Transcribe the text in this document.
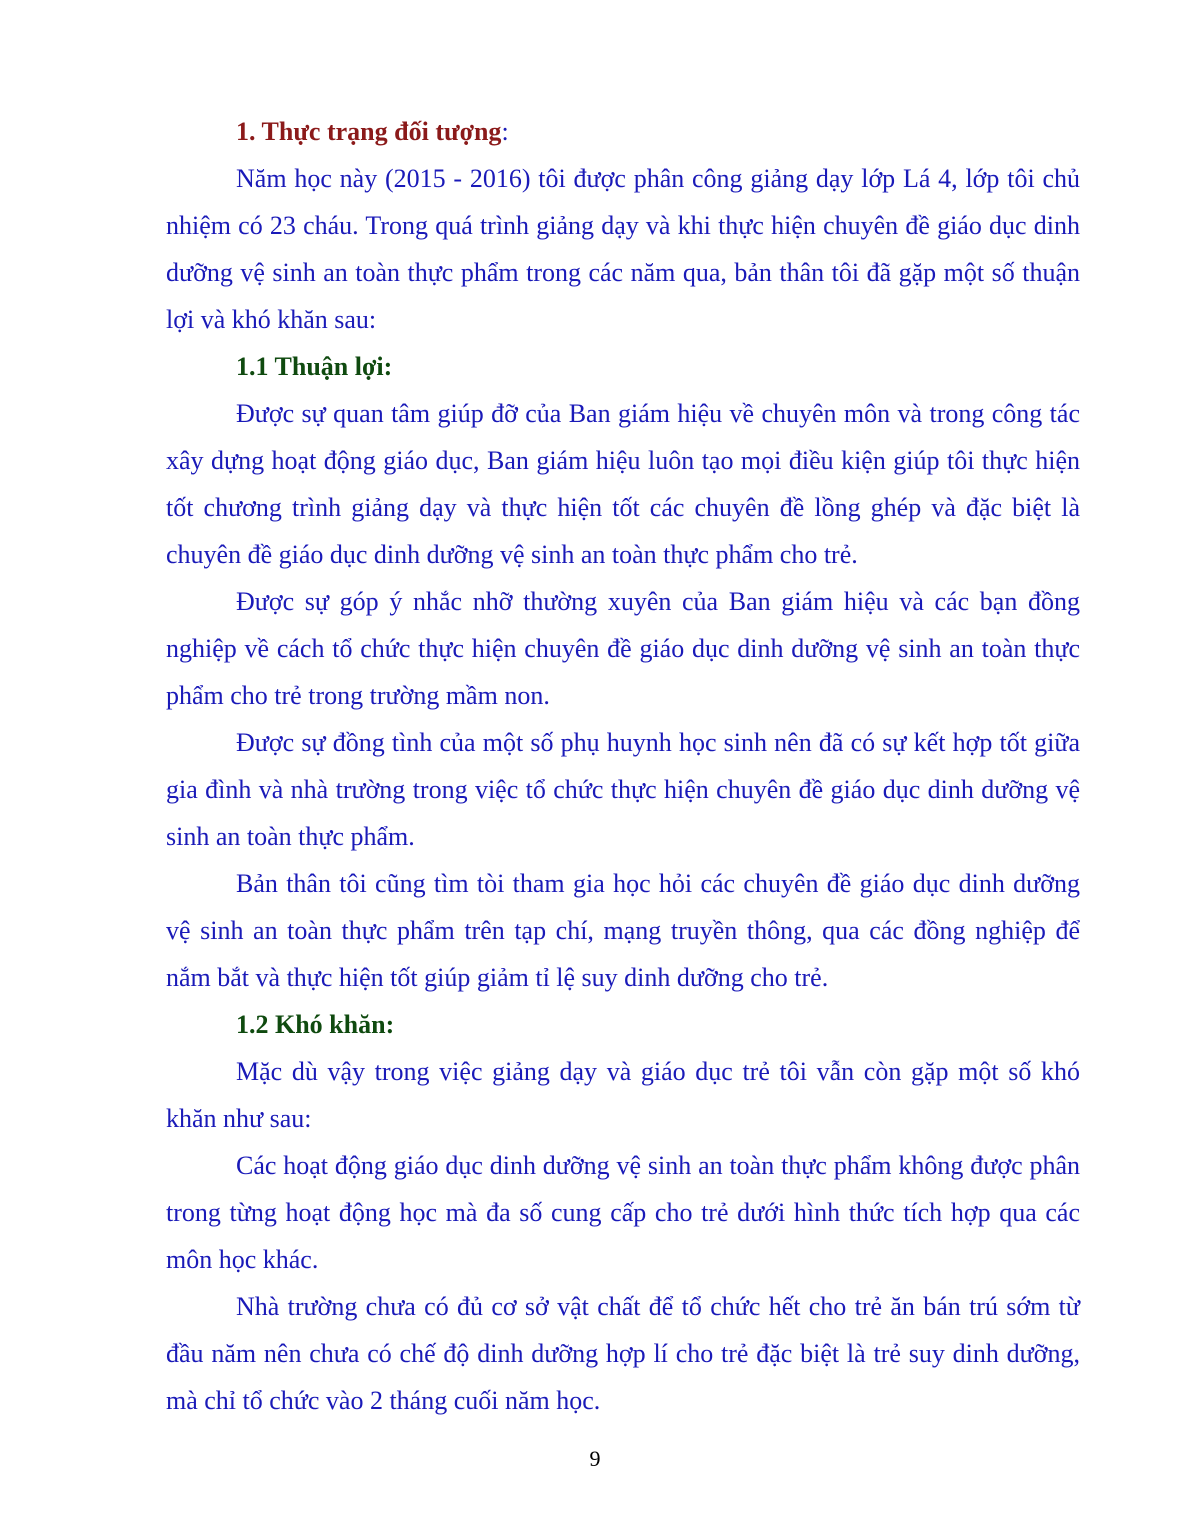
1. Thực trạng đối tượng:

Năm học này (2015 - 2016) tôi được phân công giảng dạy lớp Lá 4, lớp tôi chủ nhiệm có 23 cháu. Trong quá trình giảng dạy và khi thực hiện chuyên đề giáo dục dinh dưỡng vệ sinh an toàn thực phẩm trong các năm qua, bản thân tôi đã gặp một số thuận lợi và khó khăn sau:

1.1 Thuận lợi:

Được sự quan tâm giúp đỡ của Ban giám hiệu về chuyên môn và trong công tác xây dựng hoạt động giáo dục, Ban giám hiệu luôn tạo mọi điều kiện giúp tôi thực hiện tốt chương trình giảng dạy và thực hiện tốt các chuyên đề lồng ghép và đặc biệt là chuyên đề giáo dục dinh dưỡng vệ sinh an toàn thực phẩm cho trẻ.

Được sự góp ý nhắc nhỡ thường xuyên của Ban giám hiệu và các bạn đồng nghiệp về cách tổ chức thực hiện chuyên đề giáo dục dinh dưỡng vệ sinh an toàn thực phẩm cho trẻ trong trường mầm non.

Được sự đồng tình của một số phụ huynh học sinh nên đã có sự kết hợp tốt giữa gia đình và nhà trường trong việc tổ chức thực hiện chuyên đề giáo dục dinh dưỡng vệ sinh an toàn thực phẩm.

Bản thân tôi cũng tìm tòi tham gia học hỏi các chuyên đề giáo dục dinh dưỡng vệ sinh an toàn thực phẩm trên tạp chí, mạng truyền thông, qua các đồng nghiệp để nắm bắt và thực hiện tốt giúp giảm tỉ lệ suy dinh dưỡng cho trẻ.

1.2 Khó khăn:

Mặc dù vậy trong việc giảng dạy và giáo dục trẻ tôi vẫn còn gặp một số khó khăn như sau:

Các hoạt động giáo dục dinh dưỡng vệ sinh an toàn thực phẩm không được phân trong từng hoạt động học mà đa số cung cấp cho trẻ dưới hình thức tích hợp qua các môn học khác.

Nhà trường chưa có đủ cơ sở vật chất để tổ chức hết cho trẻ ăn bán trú sớm từ đầu năm nên chưa có chế độ dinh dưỡng hợp lí cho trẻ đặc biệt là trẻ suy dinh dưỡng, mà chỉ tổ chức vào 2 tháng cuối năm học.

9
